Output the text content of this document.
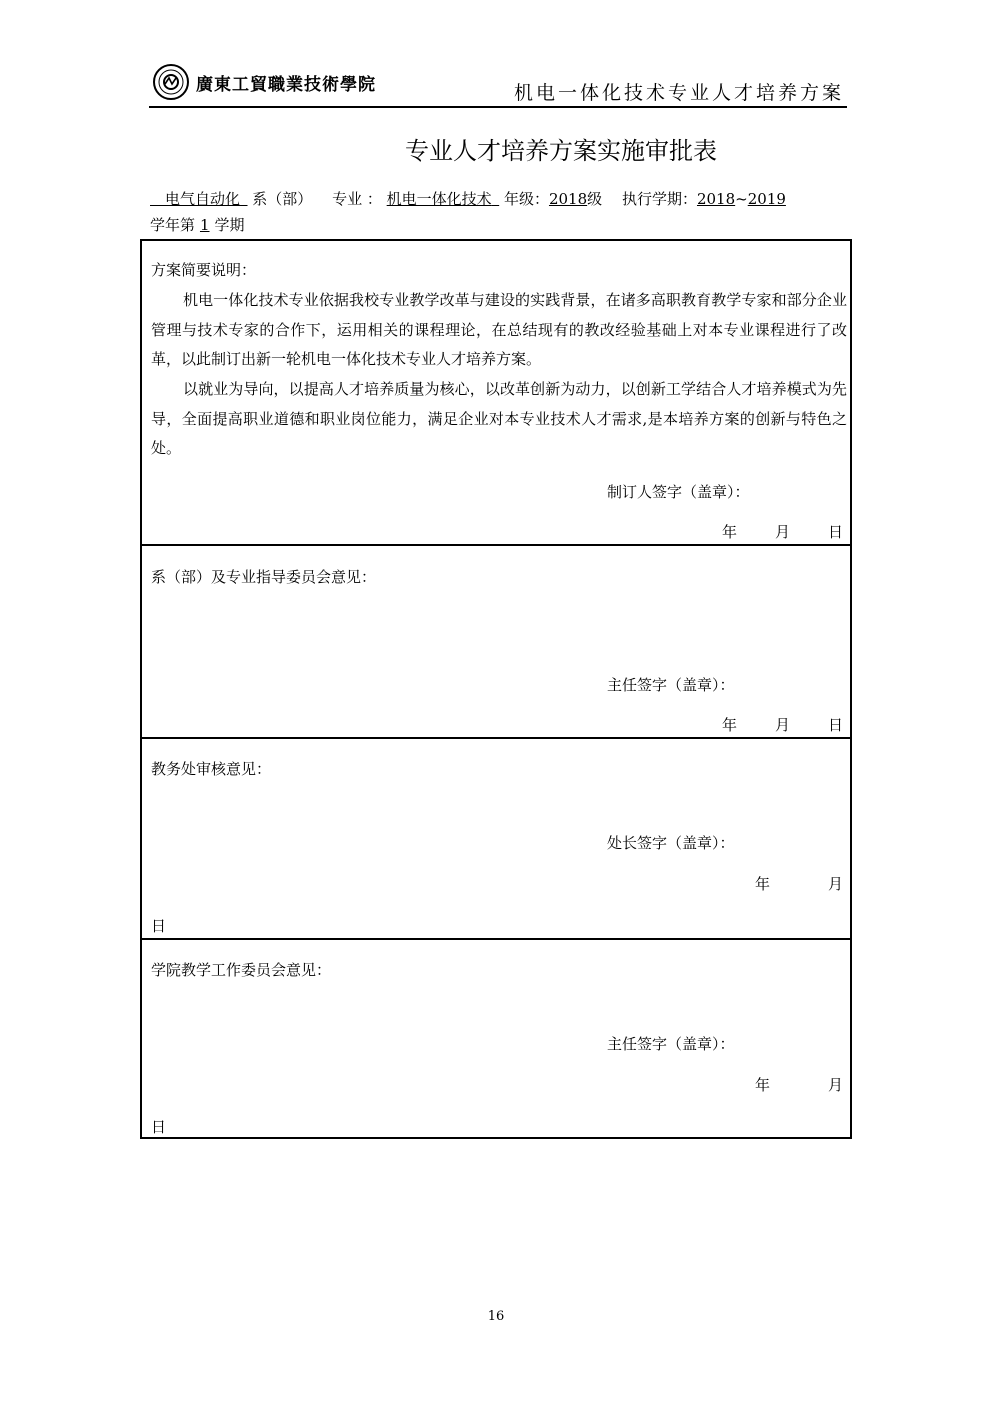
廣東工貿職業技術學院	机电一体化技术专业人才培养方案
专业人才培养方案实施审批表
 电气自动化  系（部）  专业 ： 机电一体化技术  年级：2018级  执行学期：2018~2019
学年第  1  学期
方案简要说明：
机电一体化技术专业依据我校专业教学改革与建设的实践背景，在诸多高职教育教学专家和部分企业管理与技术专家的合作下，运用相关的课程理论，在总结现有的教改经验基础上对本专业课程进行了改革，以此制订出新一轮机电一体化技术专业人才培养方案。
以就业为导向，以提高人才培养质量为核心，以改革创新为动力，以创新工学结合人才培养模式为先导，全面提高职业道德和职业岗位能力，满足企业对本专业技术人才需求,是本培养方案的创新与特色之处。
制订人签字（盖章）：
年	月	日
系（部）及专业指导委员会意见：
主任签字（盖章）：
年	月	日
教务处审核意见：
处长签字（盖章）：
年	月
日
学院教学工作委员会意见：
主任签字（盖章）：
年	月
日
16
